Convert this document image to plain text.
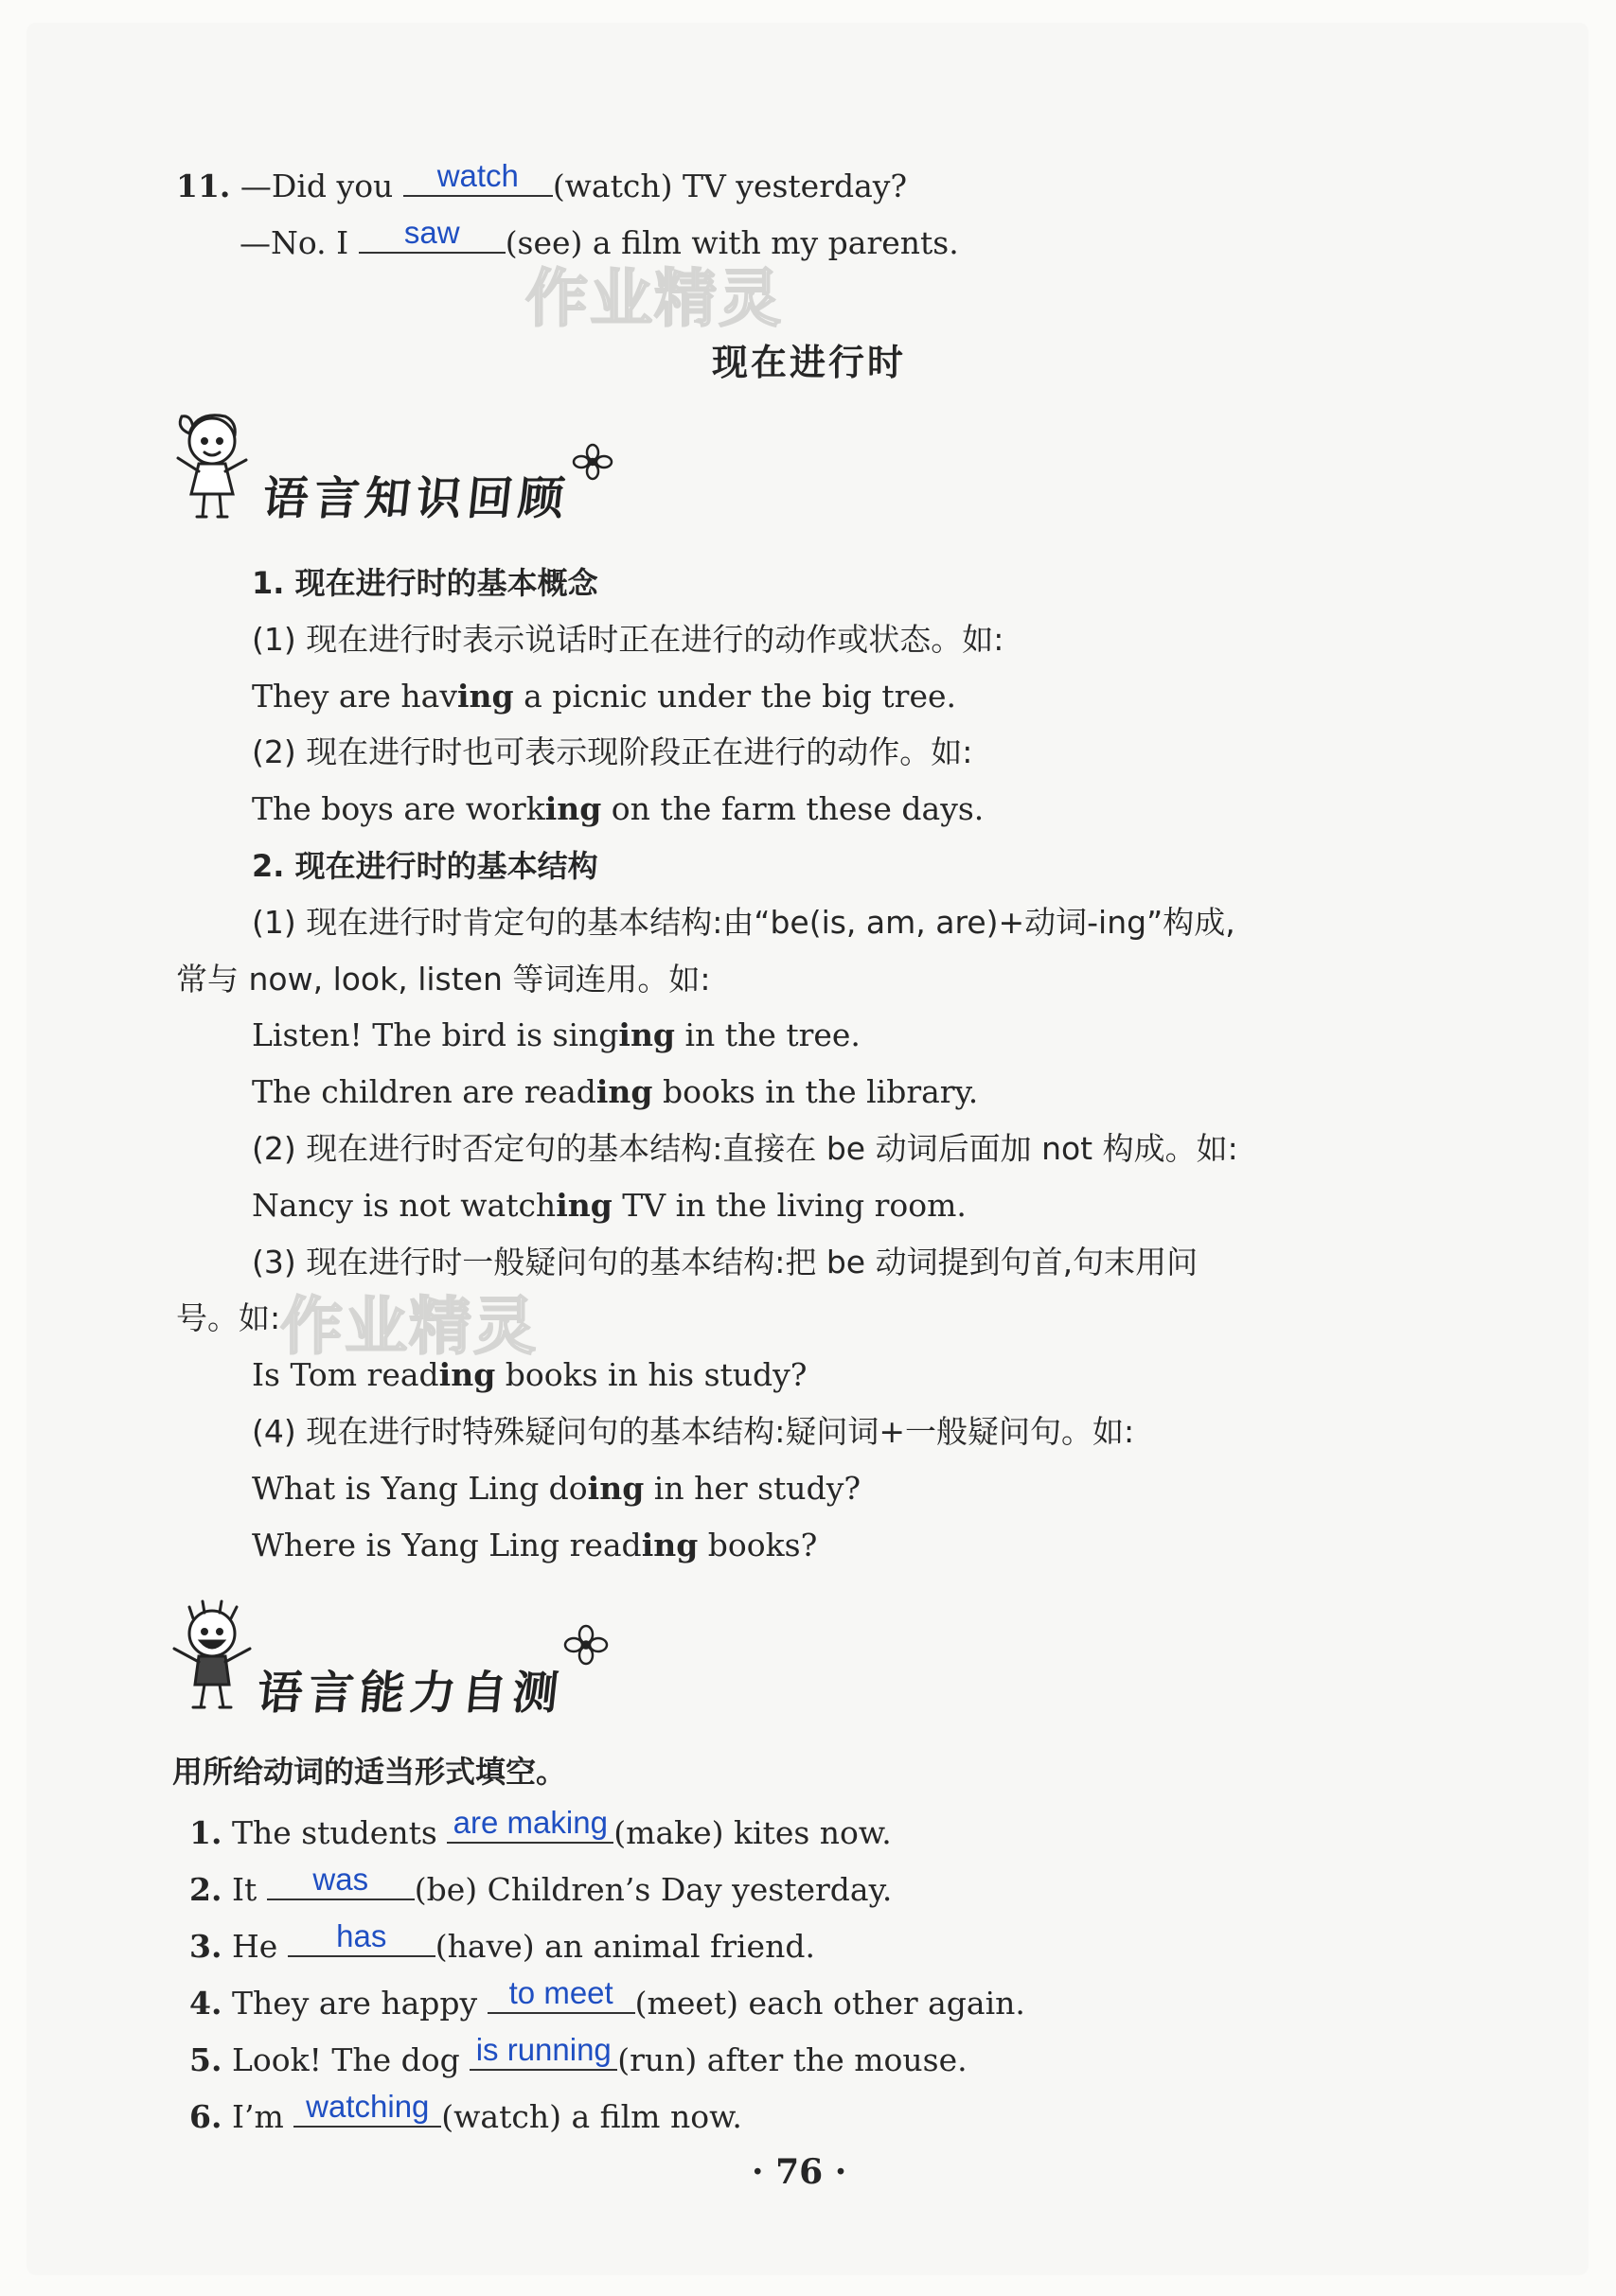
11. —Did you	watch	(watch) TV yesterday?
—No. I	saw	(see) a film with my parents.
现在进行时
语言知识回顾
1. 现在进行时的基本概念
(1) 现在进行时表示说话时正在进行的动作或状态。如:
They are having a picnic under the big tree.
(2) 现在进行时也可表示现阶段正在进行的动作。如:
The boys are working on the farm these days.
2. 现在进行时的基本结构
(1) 现在进行时肯定句的基本结构:由“be(is, am, are)+动词-ing”构成,
常与 now, look, listen 等词连用。如:
Listen! The bird is singing in the tree.
The children are reading books in the library.
(2) 现在进行时否定句的基本结构:直接在 be 动词后面加 not 构成。如:
Nancy is not watching TV in the living room.
(3) 现在进行时一般疑问句的基本结构:把 be 动词提到句首,句末用问
号。如:
Is Tom reading books in his study?
(4) 现在进行时特殊疑问句的基本结构:疑问词+一般疑问句。如:
What is Yang Ling doing in her study?
Where is Yang Ling reading books?
语言能力自测
用所给动词的适当形式填空。
1. The students are making (make) kites now.
2. It	was	(be) Children’s Day yesterday.
3. He	has	(have) an animal friend.
4. They are happy	to meet (meet) each other again.
5. Look! The dog is running (run) after the mouse.
6. I’m watching (watch) a film now.
· 76 ·
